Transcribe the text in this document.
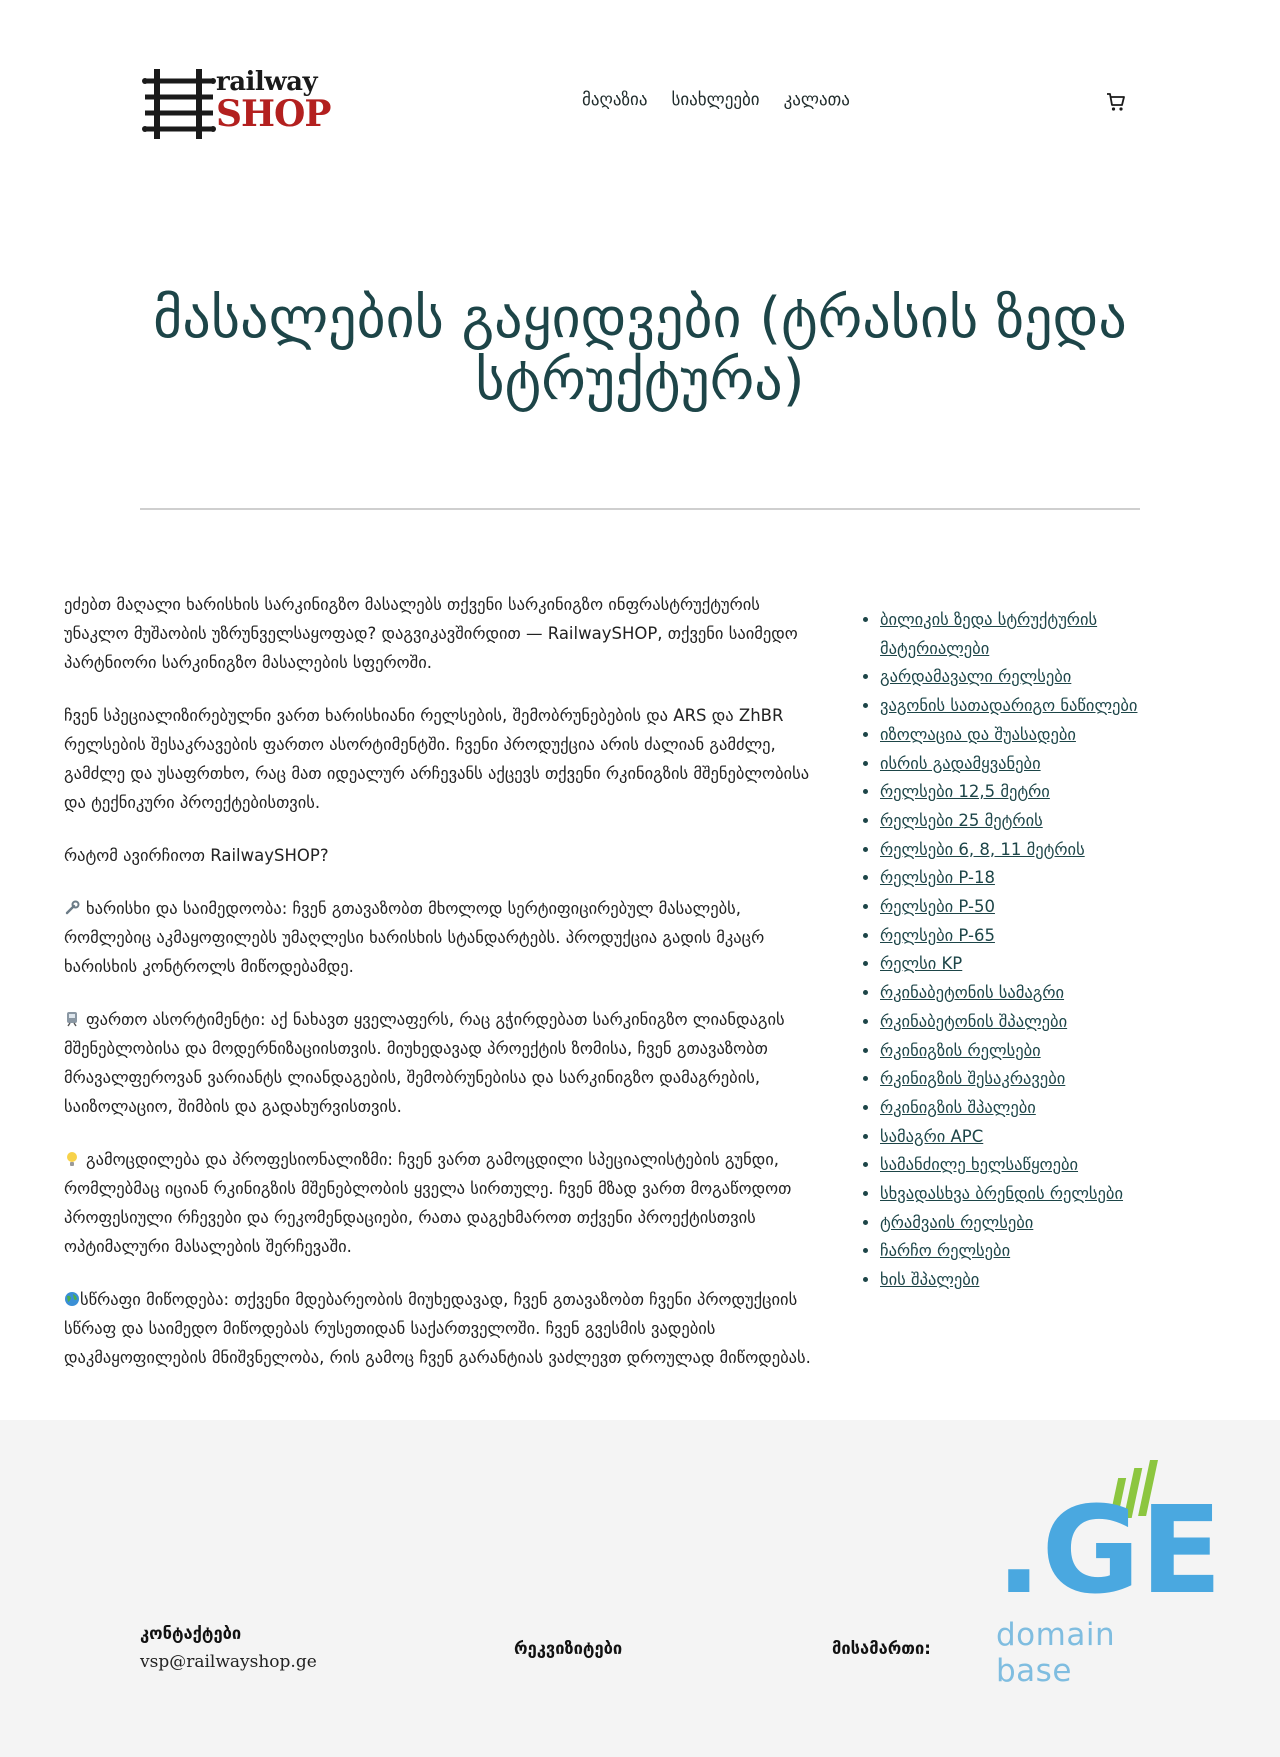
railway
SHOP	მაღაზია სიახლეები კალათა
მასალების გაყიდვები (ტრასის ზედა სტრუქტურა)

ეძებთ მაღალი ხარისხის სარკინიგზო მასალებს თქვენი სარკინიგზო ინფრასტრუქტურის უნაკლო მუშაობის უზრუნველსაყოფად? დაგვიკავშირდით — RailwaySHOP, თქვენი საიმედო პარტნიორი სარკინიგზო მასალების სფეროში.

ჩვენ სპეციალიზირებულნი ვართ ხარისხიანი რელსების, შემობრუნებების და ARS და ZhBR რელსების შესაკრავების ფართო ასორტიმენტში. ჩვენი პროდუქცია არის ძალიან გამძლე, გამძლე და უსაფრთხო, რაც მათ იდეალურ არჩევანს აქცევს თქვენი რკინიგზის მშენებლობისა და ტექნიკური პროექტებისთვის.

რატომ ავირჩიოთ RailwaySHOP?

ხარისხი და საიმედოობა: ჩვენ გთავაზობთ მხოლოდ სერტიფიცირებულ მასალებს, რომლებიც აკმაყოფილებს უმაღლესი ხარისხის სტანდარტებს. პროდუქცია გადის მკაცრ ხარისხის კონტროლს მიწოდებამდე.

ფართო ასორტიმენტი: აქ ნახავთ ყველაფერს, რაც გჭირდებათ სარკინიგზო ლიანდაგის მშენებლობისა და მოდერნიზაციისთვის. მიუხედავად პროექტის ზომისა, ჩვენ გთავაზობთ მრავალფეროვან ვარიანტს ლიანდაგების, შემობრუნებისა და სარკინიგზო დამაგრების, საიზოლაციო, შიმბის და გადახურვისთვის.

გამოცდილება და პროფესიონალიზმი: ჩვენ ვართ გამოცდილი სპეციალისტების გუნდი, რომლებმაც იციან რკინიგზის მშენებლობის ყველა სირთულე. ჩვენ მზად ვართ მოგაწოდოთ პროფესიული რჩევები და რეკომენდაციები, რათა დაგეხმაროთ თქვენი პროექტისთვის ოპტიმალური მასალების შერჩევაში.

სწრაფი მიწოდება: თქვენი მდებარეობის მიუხედავად, ჩვენ გთავაზობთ ჩვენი პროდუქციის სწრაფ და საიმედო მიწოდებას რუსეთიდან საქართველოში. ჩვენ გვესმის ვადების დაკმაყოფილების მნიშვნელობა, რის გამოც ჩვენ გარანტიას ვაძლევთ დროულად მიწოდებას.

• ბილიკის ზედა სტრუქტურის მატერიალები
• გარდამავალი რელსები
• ვაგონის სათადარიგო ნაწილები
• იზოლაცია და შუასადები
• ისრის გადამყვანები
• რელსები 12,5 მეტრი
• რელსები 25 მეტრის
• რელსები 6, 8, 11 მეტრის
• რელსები P-18
• რელსები P-50
• რელსები P-65
• რელსი KP
• რკინაბეტონის სამაგრი
• რკინაბეტონის შპალები
• რკინიგზის რელსები
• რკინიგზის შესაკრავები
• რკინიგზის შპალები
• სამაგრი APC
• სამანძილე ხელსაწყოები
• სხვადასხვა ბრენდის რელსები
• ტრამვაის რელსები
• ჩარჩო რელსები
• ხის შპალები
კონტაქტები
vsp@railwayshop.ge
რეკვიზიტები	მისამართი:
.GE
domain base
